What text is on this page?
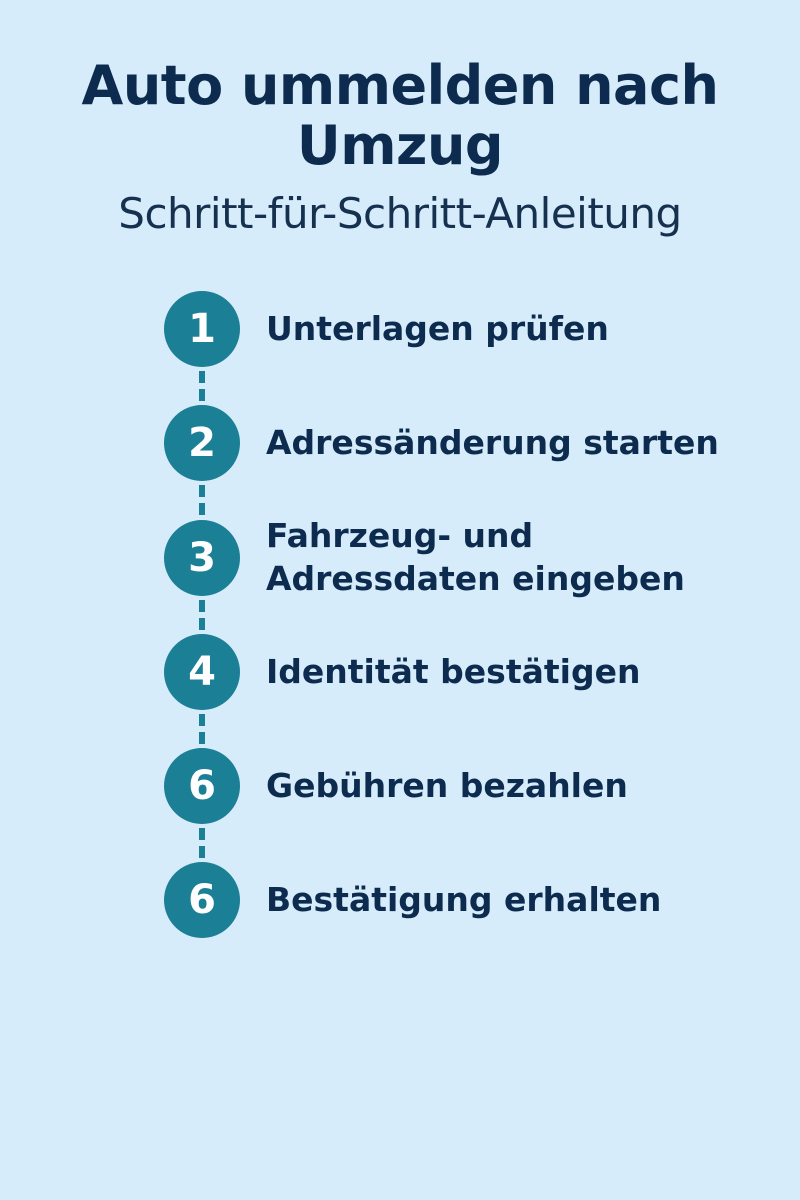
Auto ummelden nach Umzug
Schritt-für-Schritt-Anleitung
1	Unterlagen prüfen
2	Adressänderung starten
3	Fahrzeug- und Adressdaten eingeben
4	Identität bestätigen
6	Gebühren bezahlen
6	Bestätigung erhalten
